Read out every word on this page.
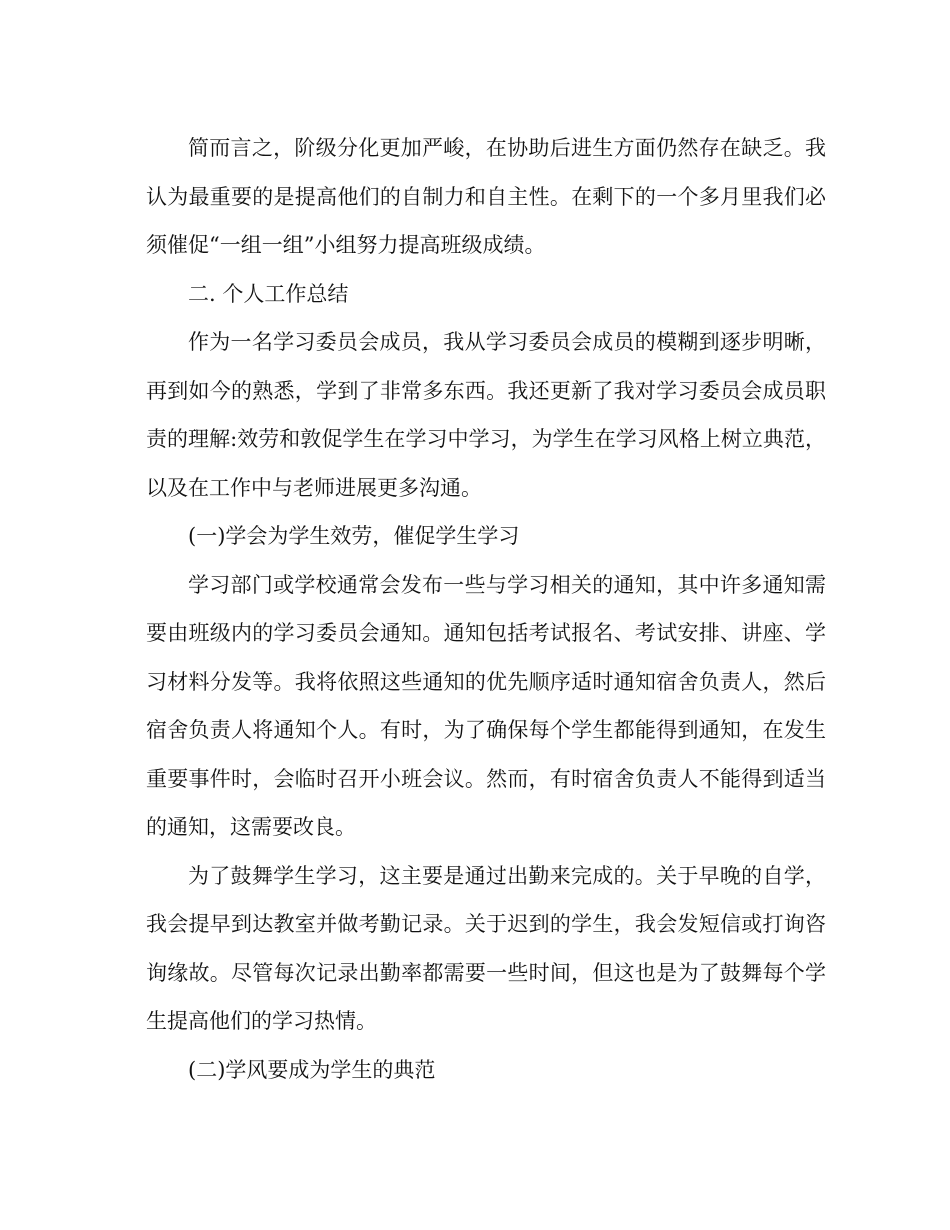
简而言之，阶级分化更加严峻，在协助后进生方面仍然存在缺乏。我认为最重要的是提高他们的自制力和自主性。在剩下的一个多月里我们必须催促“一组一组”小组努力提高班级成绩。

二. 个人工作总结

作为一名学习委员会成员，我从学习委员会成员的模糊到逐步明晰，再到如今的熟悉，学到了非常多东西。我还更新了我对学习委员会成员职责的理解:效劳和敦促学生在学习中学习，为学生在学习风格上树立典范，以及在工作中与老师进展更多沟通。

(一)学会为学生效劳，催促学生学习

学习部门或学校通常会发布一些与学习相关的通知，其中许多通知需要由班级内的学习委员会通知。通知包括考试报名、考试安排、讲座、学习材料分发等。我将依照这些通知的优先顺序适时通知宿舍负责人，然后宿舍负责人将通知个人。有时，为了确保每个学生都能得到通知，在发生重要事件时，会临时召开小班会议。然而，有时宿舍负责人不能得到适当的通知，这需要改良。

为了鼓舞学生学习，这主要是通过出勤来完成的。关于早晚的自学，我会提早到达教室并做考勤记录。关于迟到的学生，我会发短信或打询咨询缘故。尽管每次记录出勤率都需要一些时间，但这也是为了鼓舞每个学生提高他们的学习热情。

(二)学风要成为学生的典范
